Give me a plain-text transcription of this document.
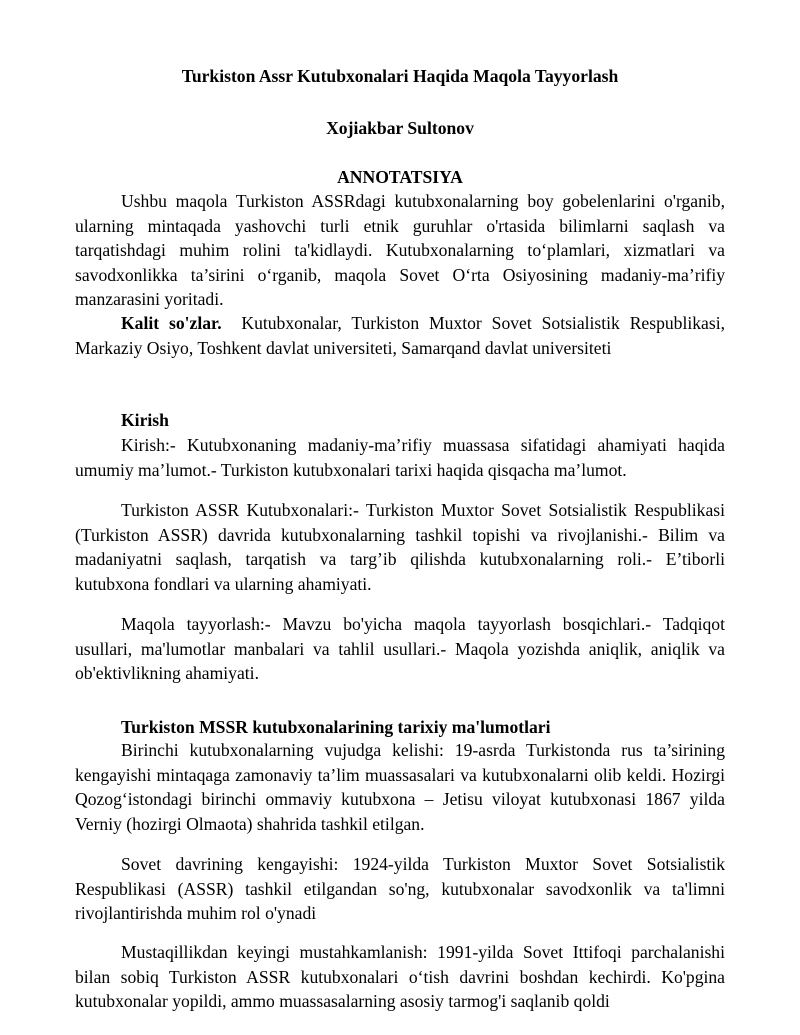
Turkiston Assr Kutubxonalari Haqida Maqola Tayyorlash

Xojiakbar Sultonov

ANNOTATSIYA

Ushbu maqola Turkiston ASSRdagi kutubxonalarning boy gobelenlarini o'rganib, ularning mintaqada yashovchi turli etnik guruhlar o'rtasida bilimlarni saqlash va tarqatishdagi muhim rolini ta'kidlaydi. Kutubxonalarning to‘plamlari, xizmatlari va savodxonlikka ta’sirini o‘rganib, maqola Sovet O‘rta Osiyosining madaniy-ma’rifiy manzarasini yoritadi.

Kalit so'zlar. Kutubxonalar, Turkiston Muxtor Sovet Sotsialistik Respublikasi, Markaziy Osiyo, Toshkent davlat universiteti, Samarqand davlat universiteti

Kirish

Kirish:- Kutubxonaning madaniy-ma’rifiy muassasa sifatidagi ahamiyati haqida umumiy ma’lumot.- Turkiston kutubxonalari tarixi haqida qisqacha ma’lumot.

Turkiston ASSR Kutubxonalari:- Turkiston Muxtor Sovet Sotsialistik Respublikasi (Turkiston ASSR) davrida kutubxonalarning tashkil topishi va rivojlanishi.- Bilim va madaniyatni saqlash, tarqatish va targ’ib qilishda kutubxonalarning roli.- E’tiborli kutubxona fondlari va ularning ahamiyati.

Maqola tayyorlash:- Mavzu bo'yicha maqola tayyorlash bosqichlari.- Tadqiqot usullari, ma'lumotlar manbalari va tahlil usullari.- Maqola yozishda aniqlik, aniqlik va ob'ektivlikning ahamiyati.

Turkiston MSSR kutubxonalarining tarixiy ma'lumotlari

Birinchi kutubxonalarning vujudga kelishi: 19-asrda Turkistonda rus ta’sirining kengayishi mintaqaga zamonaviy ta’lim muassasalari va kutubxonalarni olib keldi. Hozirgi Qozog‘istondagi birinchi ommaviy kutubxona – Jetisu viloyat kutubxonasi 1867 yilda Verniy (hozirgi Olmaota) shahrida tashkil etilgan.

Sovet davrining kengayishi: 1924-yilda Turkiston Muxtor Sovet Sotsialistik Respublikasi (ASSR) tashkil etilgandan so'ng, kutubxonalar savodxonlik va ta'limni rivojlantirishda muhim rol o'ynadi

Mustaqillikdan keyingi mustahkamlanish: 1991-yilda Sovet Ittifoqi parchalanishi bilan sobiq Turkiston ASSR kutubxonalari o‘tish davrini boshdan kechirdi. Ko'pgina kutubxonalar yopildi, ammo muassasalarning asosiy tarmog'i saqlanib qoldi
